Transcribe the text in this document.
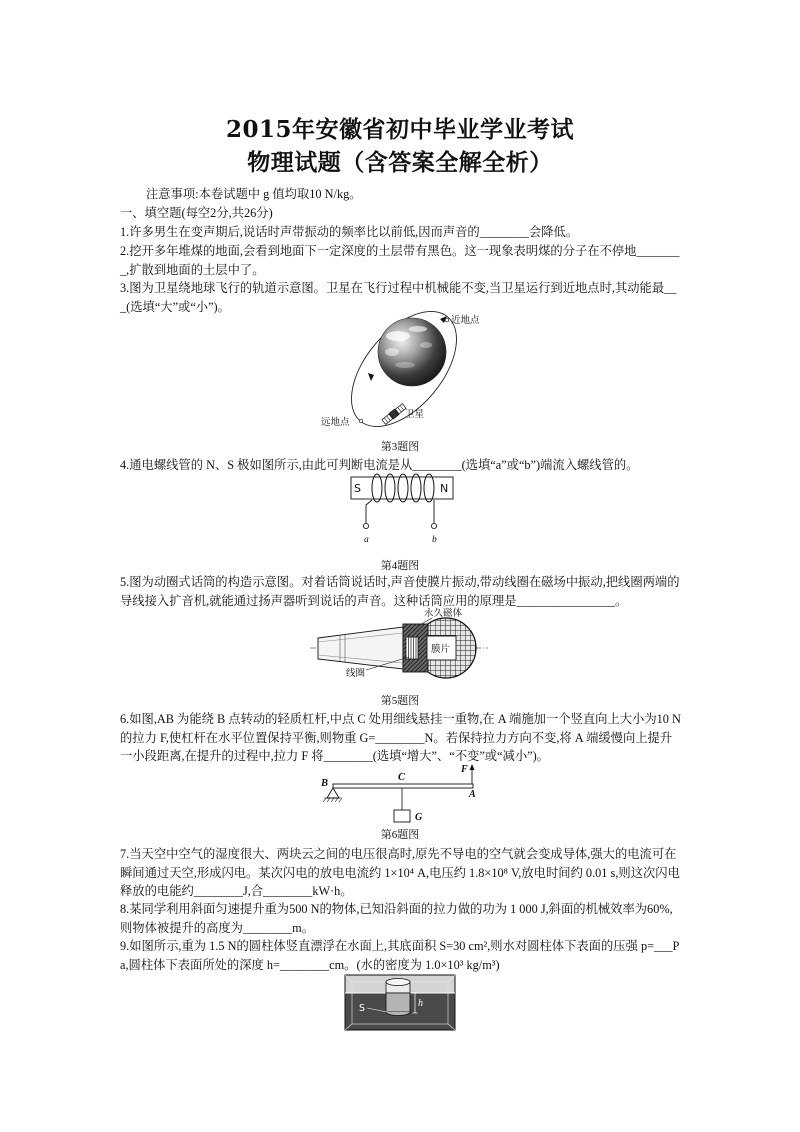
2015年安徽省初中毕业学业考试
物理试题（含答案全解全析）
注意事项:本卷试题中 g 值均取10 N/kg。
一、填空题(每空2分,共26分)
1.许多男生在变声期后,说话时声带振动的频率比以前低,因而声音的________会降低。
2.挖开多年堆煤的地面,会看到地面下一定深度的土层带有黑色。这一现象表明煤的分子在不停地________,扩散到地面的土层中了。
3.图为卫星绕地球飞行的轨道示意图。卫星在飞行过程中机械能不变,当卫星运行到近地点时,其动能最___(选填“大”或“小”)。
近地点
远地点
卫星
第3题图
4.通电螺线管的 N、S 极如图所示,由此可判断电流是从________(选填“a”或“b”)端流入螺线管的。
S	N
a	b
第4题图
5.图为动圈式话筒的构造示意图。对着话筒说话时,声音使膜片振动,带动线圈在磁场中振动,把线圈两端的导线接入扩音机,就能通过扬声器听到说话的声音。这种话筒应用的原理是________________。
膜片
永久磁体
线圈
第5题图
6.如图,AB 为能绕 B 点转动的轻质杠杆,中点 C 处用细线悬挂一重物,在 A 端施加一个竖直向上大小为10 N 的拉力 F,使杠杆在水平位置保持平衡,则物重 G=________N。若保持拉力方向不变,将 A 端缓慢向上提升一小段距离,在提升的过程中,拉力 F 将________(选填“增大”、“不变”或“减小”)。
B
C
A
F
G
第6题图
7.当天空中空气的湿度很大、两块云之间的电压很高时,原先不导电的空气就会变成导体,强大的电流可在瞬间通过天空,形成闪电。某次闪电的放电电流约 1×10⁴ A,电压约 1.8×10⁸ V,放电时间约 0.01 s,则这次闪电释放的电能约________J,合________kW·h。
8.某同学利用斜面匀速提升重为500 N的物体,已知沿斜面的拉力做的功为 1 000 J,斜面的机械效率为60%,则物体被提升的高度为________m。
9.如图所示,重为 1.5 N的圆柱体竖直漂浮在水面上,其底面积 S=30 cm²,则水对圆柱体下表面的压强 p=___Pa,圆柱体下表面所处的深度 h=________cm。(水的密度为 1.0×10³ kg/m³)
S	h
